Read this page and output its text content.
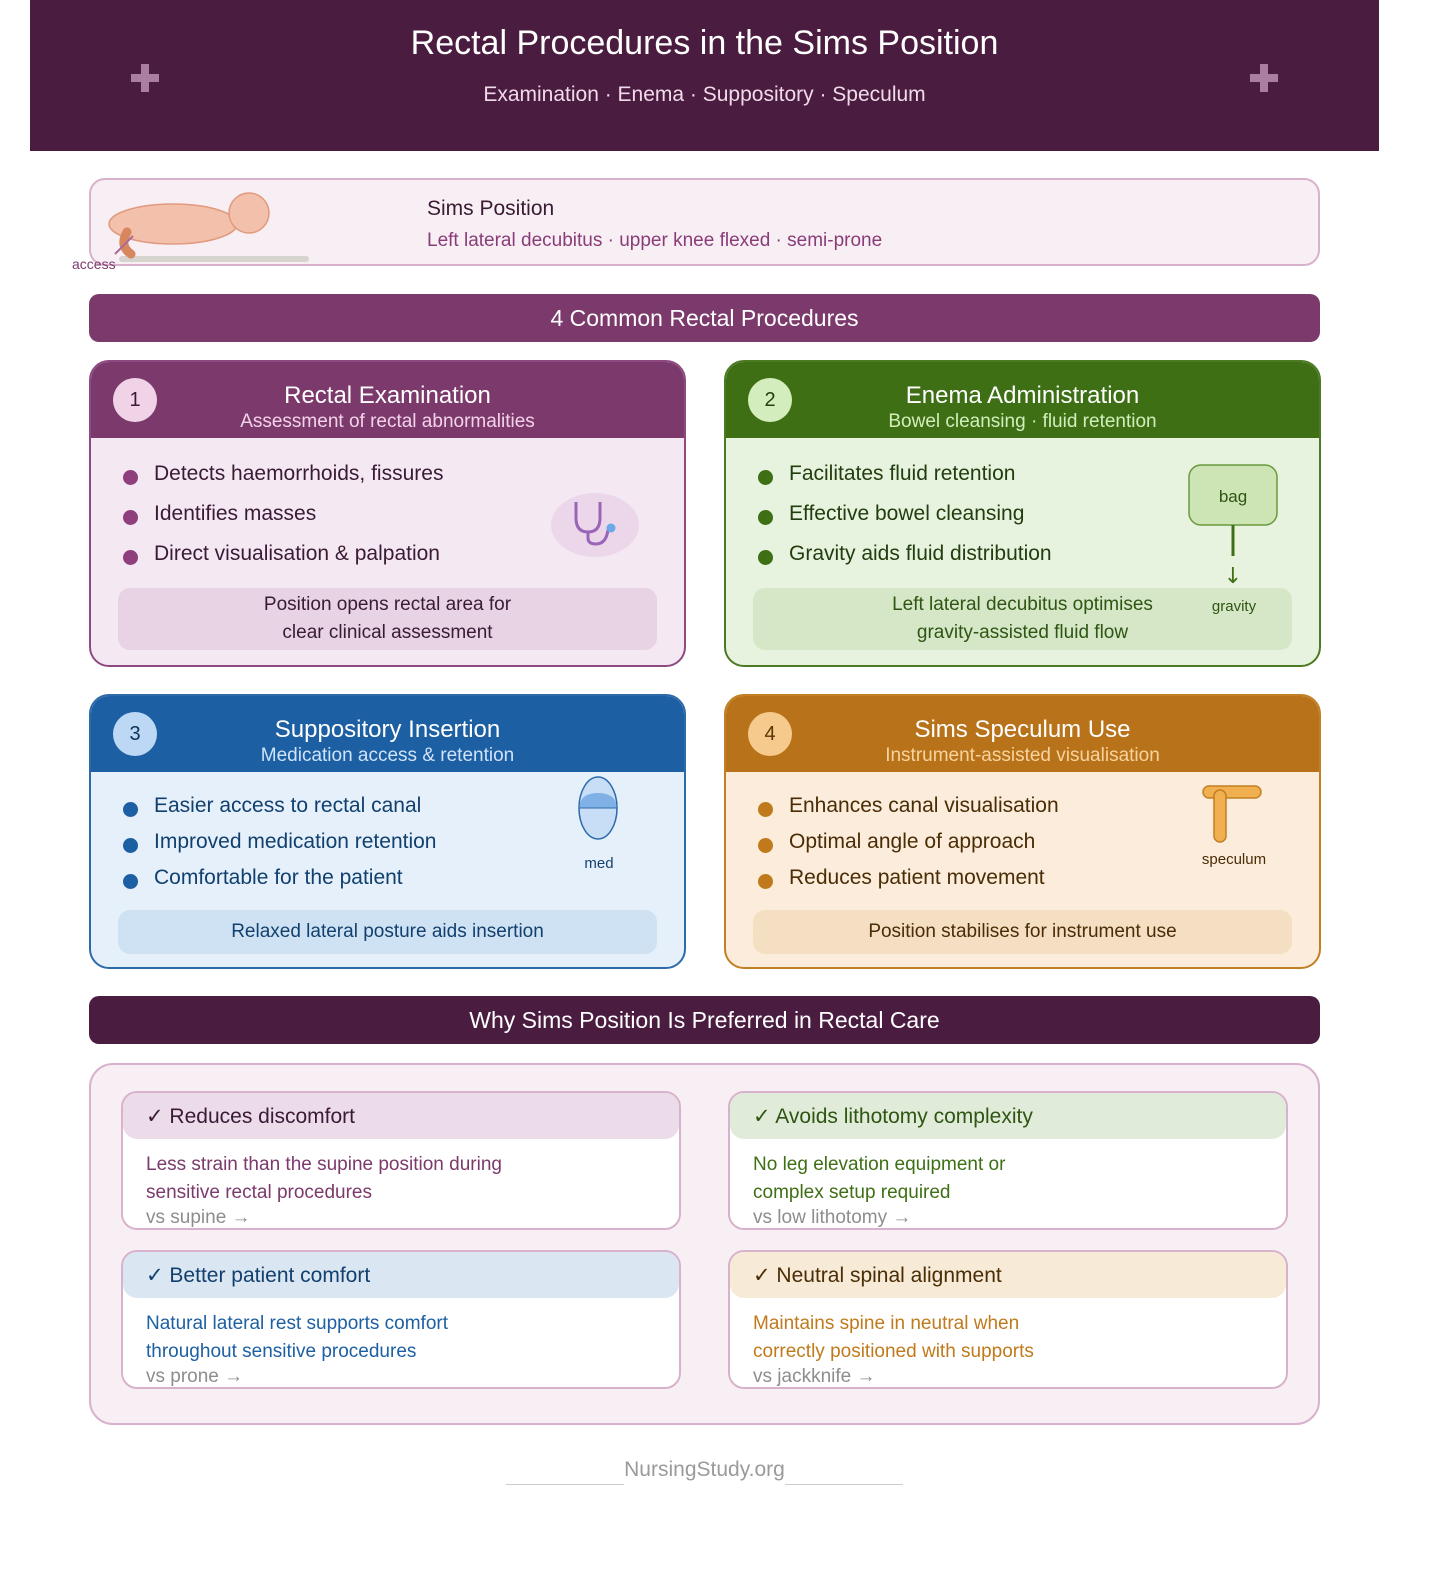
Rectal Procedures in the Sims Position
Examination · Enema · Suppository · Speculum
Sims Position
Left lateral decubitus · upper knee flexed · semi-prone
access
4 Common Rectal Procedures
1	Rectal Examination
Assessment of rectal abnormalities
Detects haemorrhoids, fissures
Identifies masses
Direct visualisation & palpation
Position opens rectal area for
clear clinical assessment
2	Enema Administration
Bowel cleansing · fluid retention
Facilitates fluid retention
Effective bowel cleansing
Gravity aids fluid distribution
Left lateral decubitus optimises
gravity-assisted fluid flow
bag
↓
gravity
3	Suppository Insertion
Medication access & retention
Easier access to rectal canal
Improved medication retention
Comfortable for the patient
med
Relaxed lateral posture aids insertion
4	Sims Speculum Use
Instrument-assisted visualisation
Enhances canal visualisation
Optimal angle of approach
Reduces patient movement
speculum
Position stabilises for instrument use
Why Sims Position Is Preferred in Rectal Care
✓ Reduces discomfort
Less strain than the supine position during
sensitive rectal procedures
vs supine →
✓ Avoids lithotomy complexity
No leg elevation equipment or
complex setup required
vs low lithotomy →
✓ Better patient comfort
Natural lateral rest supports comfort
throughout sensitive procedures
vs prone →
✓ Neutral spinal alignment
Maintains spine in neutral when
correctly positioned with supports
vs jackknife →
NursingStudy.org
